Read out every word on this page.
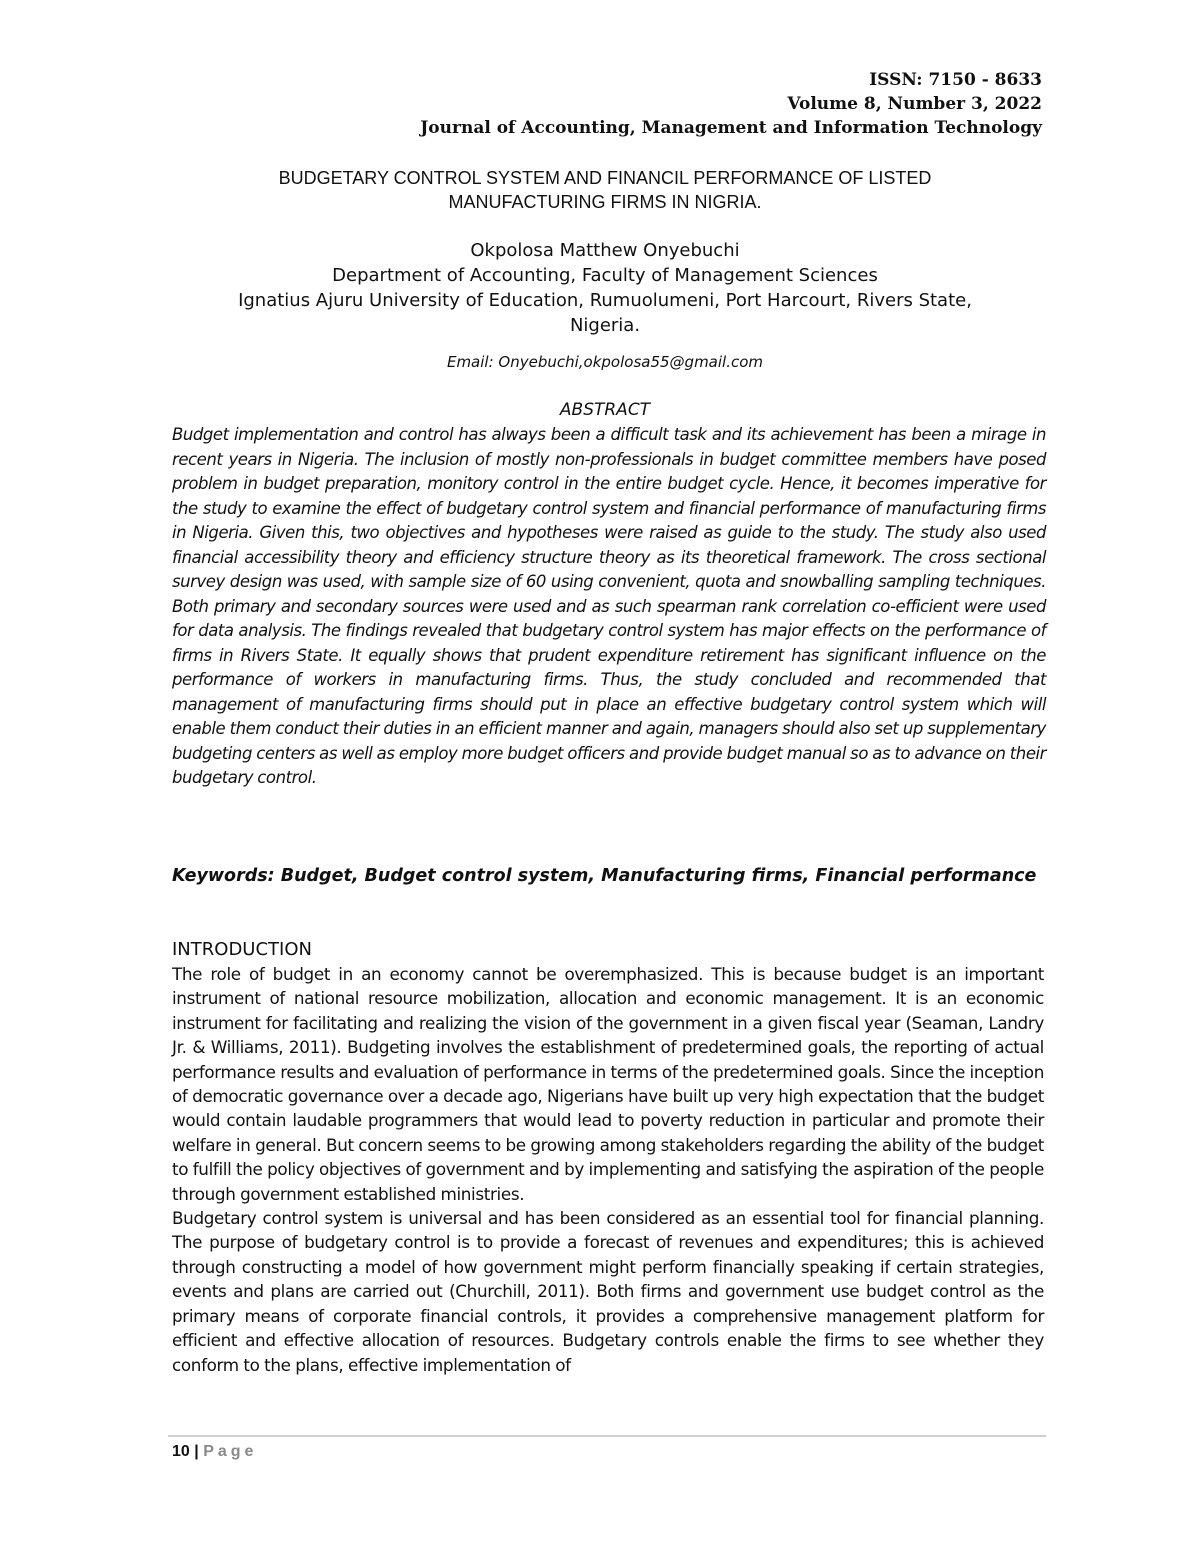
ISSN: 7150 - 8633
Volume 8, Number 3, 2022
Journal of Accounting, Management and Information Technology
BUDGETARY CONTROL SYSTEM AND FINANCIL PERFORMANCE OF LISTED
MANUFACTURING FIRMS IN NIGRIA.
Okpolosa Matthew Onyebuchi
Department of Accounting, Faculty of Management Sciences
Ignatius Ajuru University of Education, Rumuolumeni, Port Harcourt, Rivers State,
Nigeria.
Email: Onyebuchi,okpolosa55@gmail.com
ABSTRACT

Budget implementation and control has always been a difficult task and its achievement has been a mirage in recent years in Nigeria. The inclusion of mostly non-professionals in budget committee members have posed problem in budget preparation, monitory control in the entire budget cycle. Hence, it becomes imperative for the study to examine the effect of budgetary control system and financial performance of manufacturing firms in Nigeria. Given this, two objectives and hypotheses were raised as guide to the study. The study also used financial accessibility theory and efficiency structure theory as its theoretical framework. The cross sectional survey design was used, with sample size of 60 using convenient, quota and snowballing sampling techniques. Both primary and secondary sources were used and as such spearman rank correlation co-efficient were used for data analysis. The findings revealed that budgetary control system has major effects on the performance of firms in Rivers State. It equally shows that prudent expenditure retirement has significant influence on the performance of workers in manufacturing firms. Thus, the study concluded and recommended that management of manufacturing firms should put in place an effective budgetary control system which will enable them conduct their duties in an efficient manner and again, managers should also set up supplementary budgeting centers as well as employ more budget officers and provide budget manual so as to advance on their budgetary control.

Keywords: Budget, Budget control system, Manufacturing firms, Financial performance

INTRODUCTION

The role of budget in an economy cannot be overemphasized. This is because budget is an important instrument of national resource mobilization, allocation and economic management. It is an economic instrument for facilitating and realizing the vision of the government in a given fiscal year (Seaman, Landry Jr. & Williams, 2011). Budgeting involves the establishment of predetermined goals, the reporting of actual performance results and evaluation of performance in terms of the predetermined goals. Since the inception of democratic governance over a decade ago, Nigerians have built up very high expectation that the budget would contain laudable programmers that would lead to poverty reduction in particular and promote their welfare in general. But concern seems to be growing among stakeholders regarding the ability of the budget to fulfill the policy objectives of government and by implementing and satisfying the aspiration of the people through government established ministries.

Budgetary control system is universal and has been considered as an essential tool for financial planning. The purpose of budgetary control is to provide a forecast of revenues and expenditures; this is achieved through constructing a model of how government might perform financially speaking if certain strategies, events and plans are carried out (Churchill, 2011). Both firms and government use budget control as the primary means of corporate financial controls, it provides a comprehensive management platform for efficient and effective allocation of resources. Budgetary controls enable the firms to see whether they conform to the plans, effective implementation of

10 | Page
